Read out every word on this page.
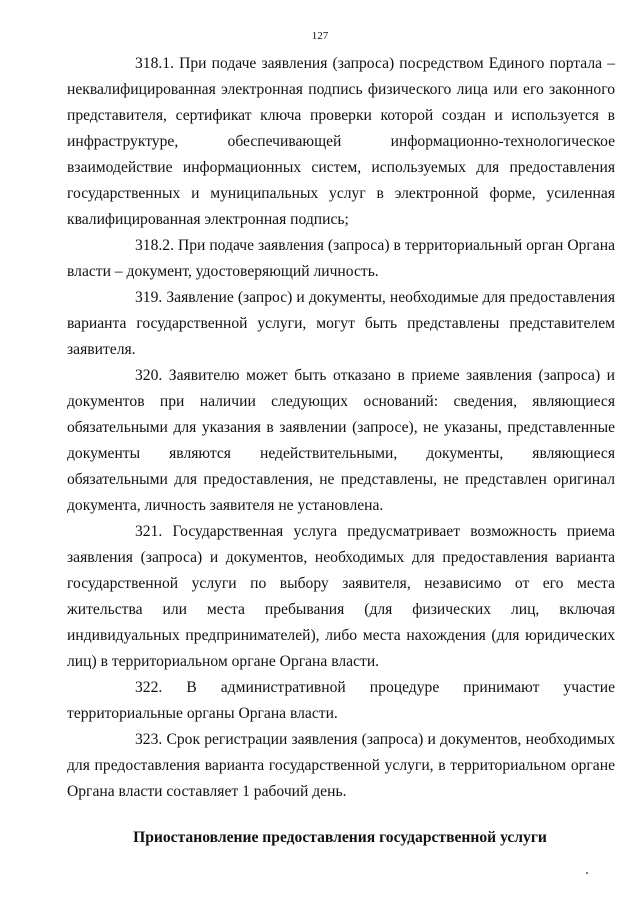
127

318.1. При подаче заявления (запроса) посредством Единого портала – неквалифицированная электронная подпись физического лица или его законного представителя, сертификат ключа проверки которой создан и используется в инфраструктуре, обеспечивающей информационно-технологическое взаимодействие информационных систем, используемых для предоставления государственных и муниципальных услуг в электронной форме, усиленная квалифицированная электронная подпись;

318.2. При подаче заявления (запроса) в территориальный орган Органа власти – документ, удостоверяющий личность.

319. Заявление (запрос) и документы, необходимые для предоставления варианта государственной услуги, могут быть представлены представителем заявителя.

320. Заявителю может быть отказано в приеме заявления (запроса) и документов при наличии следующих оснований: сведения, являющиеся обязательными для указания в заявлении (запросе), не указаны, представленные документы являются недействительными, документы, являющиеся обязательными для предоставления, не представлены, не представлен оригинал документа, личность заявителя не установлена.

321. Государственная услуга предусматривает возможность приема заявления (запроса) и документов, необходимых для предоставления варианта государственной услуги по выбору заявителя, независимо от его места жительства или места пребывания (для физических лиц, включая индивидуальных предпринимателей), либо места нахождения (для юридических лиц) в территориальном органе Органа власти.

322. В административной процедуре принимают участие территориальные органы Органа власти.

323. Срок регистрации заявления (запроса) и документов, необходимых для предоставления варианта государственной услуги, в территориальном органе Органа власти составляет 1 рабочий день.

Приостановление предоставления государственной услуги
